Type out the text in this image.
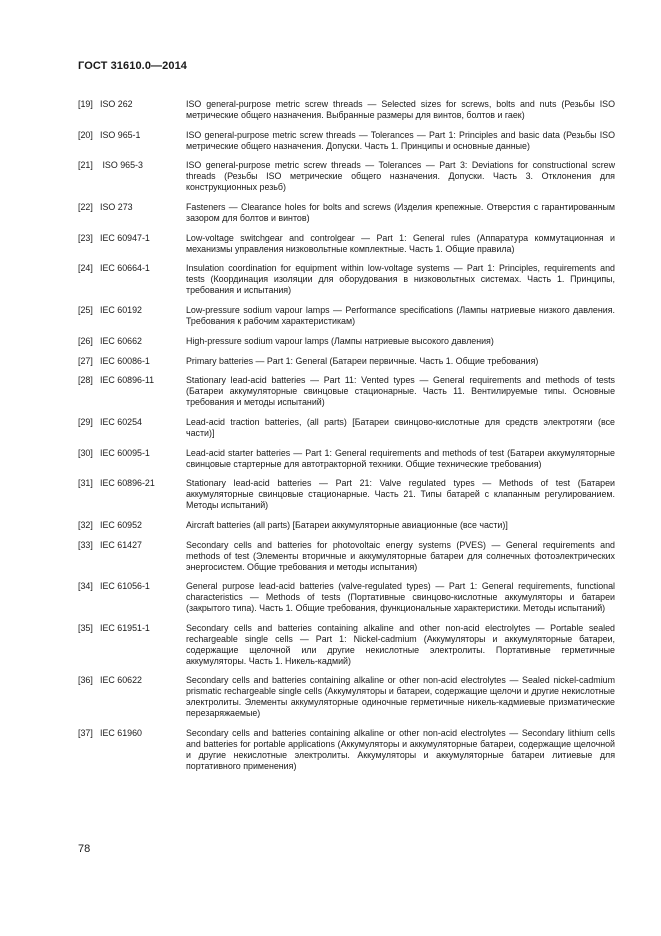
ГОСТ 31610.0—2014
[19] ISO 262	ISO general-purpose metric screw threads — Selected sizes for screws, bolts and nuts (Резьбы ISO метрические общего назначения. Выбранные размеры для винтов, болтов и гаек)
[20] ISO 965-1	ISO general-purpose metric screw threads — Tolerances — Part 1: Principles and basic data (Резьбы ISO метрические общего назначения. Допуски. Часть 1. Принципы и основные данные)
[21] ISO 965-3	ISO general-purpose metric screw threads — Tolerances — Part 3: Deviations for constructional screw threads (Резьбы ISO метрические общего назначения. Допуски. Часть 3. Отклонения для конструкционных резьб)
[22] ISO 273	Fasteners — Clearance holes for bolts and screws (Изделия крепежные. Отверстия с гарантированным зазором для болтов и винтов)
[23] IEC 60947-1	Low-voltage switchgear and controlgear — Part 1: General rules (Аппаратура коммутационная и механизмы управления низковольтные комплектные. Часть 1. Общие правила)
[24] IEC 60664-1	Insulation coordination for equipment within low-voltage systems — Part 1: Principles, requirements and tests (Координация изоляции для оборудования в низковольтных системах. Часть 1. Принципы, требования и испытания)
[25] IEC 60192	Low-pressure sodium vapour lamps — Performance specifications (Лампы натриевые низкого давления. Требования к рабочим характеристикам)
[26] IEC 60662	High-pressure sodium vapour lamps (Лампы натриевые высокого давления)
[27] IEC 60086-1	Primary batteries — Part 1: General (Батареи первичные. Часть 1. Общие требования)
[28] IEC 60896-11	Stationary lead-acid batteries — Part 11: Vented types — General requirements and methods of tests (Батареи аккумуляторные свинцовые стационарные. Часть 11. Вентилируемые типы. Основные требования и методы испытаний)
[29] IEC 60254	Lead-acid traction batteries, (all parts) [Батареи свинцово-кислотные для средств электротяги (все части)]
[30] IEC 60095-1	Lead-acid starter batteries — Part 1: General requirements and methods of test (Батареи аккумуляторные свинцовые стартерные для автотракторной техники. Общие технические требования)
[31] IEC 60896-21	Stationary lead-acid batteries — Part 21: Valve regulated types — Methods of test (Батареи аккумуляторные свинцовые стационарные. Часть 21. Типы батарей с клапанным регулированием. Методы испытаний)
[32] IEC 60952	Aircraft batteries (all parts) [Батареи аккумуляторные авиационные (все части)]
[33] IEC 61427	Secondary cells and batteries for photovoltaic energy systems (PVES) — General requirements and methods of test (Элементы вторичные и аккумуляторные батареи для солнечных фотоэлектрических энергосистем. Общие требования и методы испытания)
[34] IEC 61056-1	General purpose lead-acid batteries (valve-regulated types) — Part 1: General requirements, functional characteristics — Methods of tests (Портативные свинцово-кислотные аккумуляторы и батареи (закрытого типа). Часть 1. Общие требования, функциональные характеристики. Методы испытаний)
[35] IEC 61951-1	Secondary cells and batteries containing alkaline and other non-acid electrolytes — Portable sealed rechargeable single cells — Part 1: Nickel-cadmium (Аккумуляторы и аккумуляторные батареи, содержащие щелочной или другие некислотные электролиты. Портативные герметичные аккумуляторы. Часть 1. Никель-кадмий)
[36] IEC 60622	Secondary cells and batteries containing alkaline or other non-acid electrolytes — Sealed nickel-cadmium prismatic rechargeable single cells (Аккумуляторы и батареи, содержащие щелочи и другие некислотные электролиты. Элементы аккумуляторные одиночные герметичные никель-кадмиевые призматические перезаряжаемые)
[37] IEC 61960	Secondary cells and batteries containing alkaline or other non-acid electrolytes — Secondary lithium cells and batteries for portable applications (Аккумуляторы и аккумуляторные батареи, содержащие щелочной и другие некислотные электролиты. Аккумуляторы и аккумуляторные батареи литиевые для портативного применения)
78
